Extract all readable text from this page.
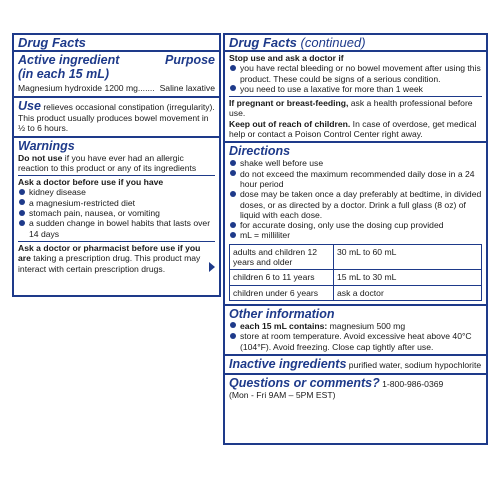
Drug Facts
Active ingredient	Purpose
(in each 15 mL)
Magnesium hydroxide 1200 mg....... Saline laxative
Use relieves occasional constipation (irregularity). This product usually produces bowel movement in ½ to 6 hours.
Warnings
Do not use if you have ever had an allergic reaction to this product or any of its ingredients
Ask a doctor before use if you have
kidney disease
a magnesium-restricted diet
stomach pain, nausea, or vomiting
a sudden change in bowel habits that lasts over 14 days
Ask a doctor or pharmacist before use if you are taking a prescription drug. This product may interact with certain prescription drugs.
Drug Facts (continued)
Stop use and ask a doctor if
you have rectal bleeding or no bowel movement after using this product. These could be signs of a serious condition.
you need to use a laxative for more than 1 week
If pregnant or breast-feeding, ask a health professional before use.
Keep out of reach of children. In case of overdose, get medical help or contact a Poison Control Center right away.
Directions
shake well before use
do not exceed the maximum recommended daily dose in a 24 hour period
dose may be taken once a day preferably at bedtime, in divided doses, or as directed by a doctor. Drink a full glass (8 oz) of liquid with each dose.
for accurate dosing, only use the dosing cup provided
mL = milliliter
adults and children 12 years and older	30 mL to 60 mL
children 6 to 11 years	15 mL to 30 mL
children under 6 years	ask a doctor
Other information
each 15 mL contains: magnesium 500 mg
store at room temperature. Avoid excessive heat above 40°C (104°F). Avoid freezing. Close cap tightly after use.
Inactive ingredients purified water, sodium hypochlorite
Questions or comments? 1-800-986-0369
(Mon - Fri 9AM – 5PM EST)
